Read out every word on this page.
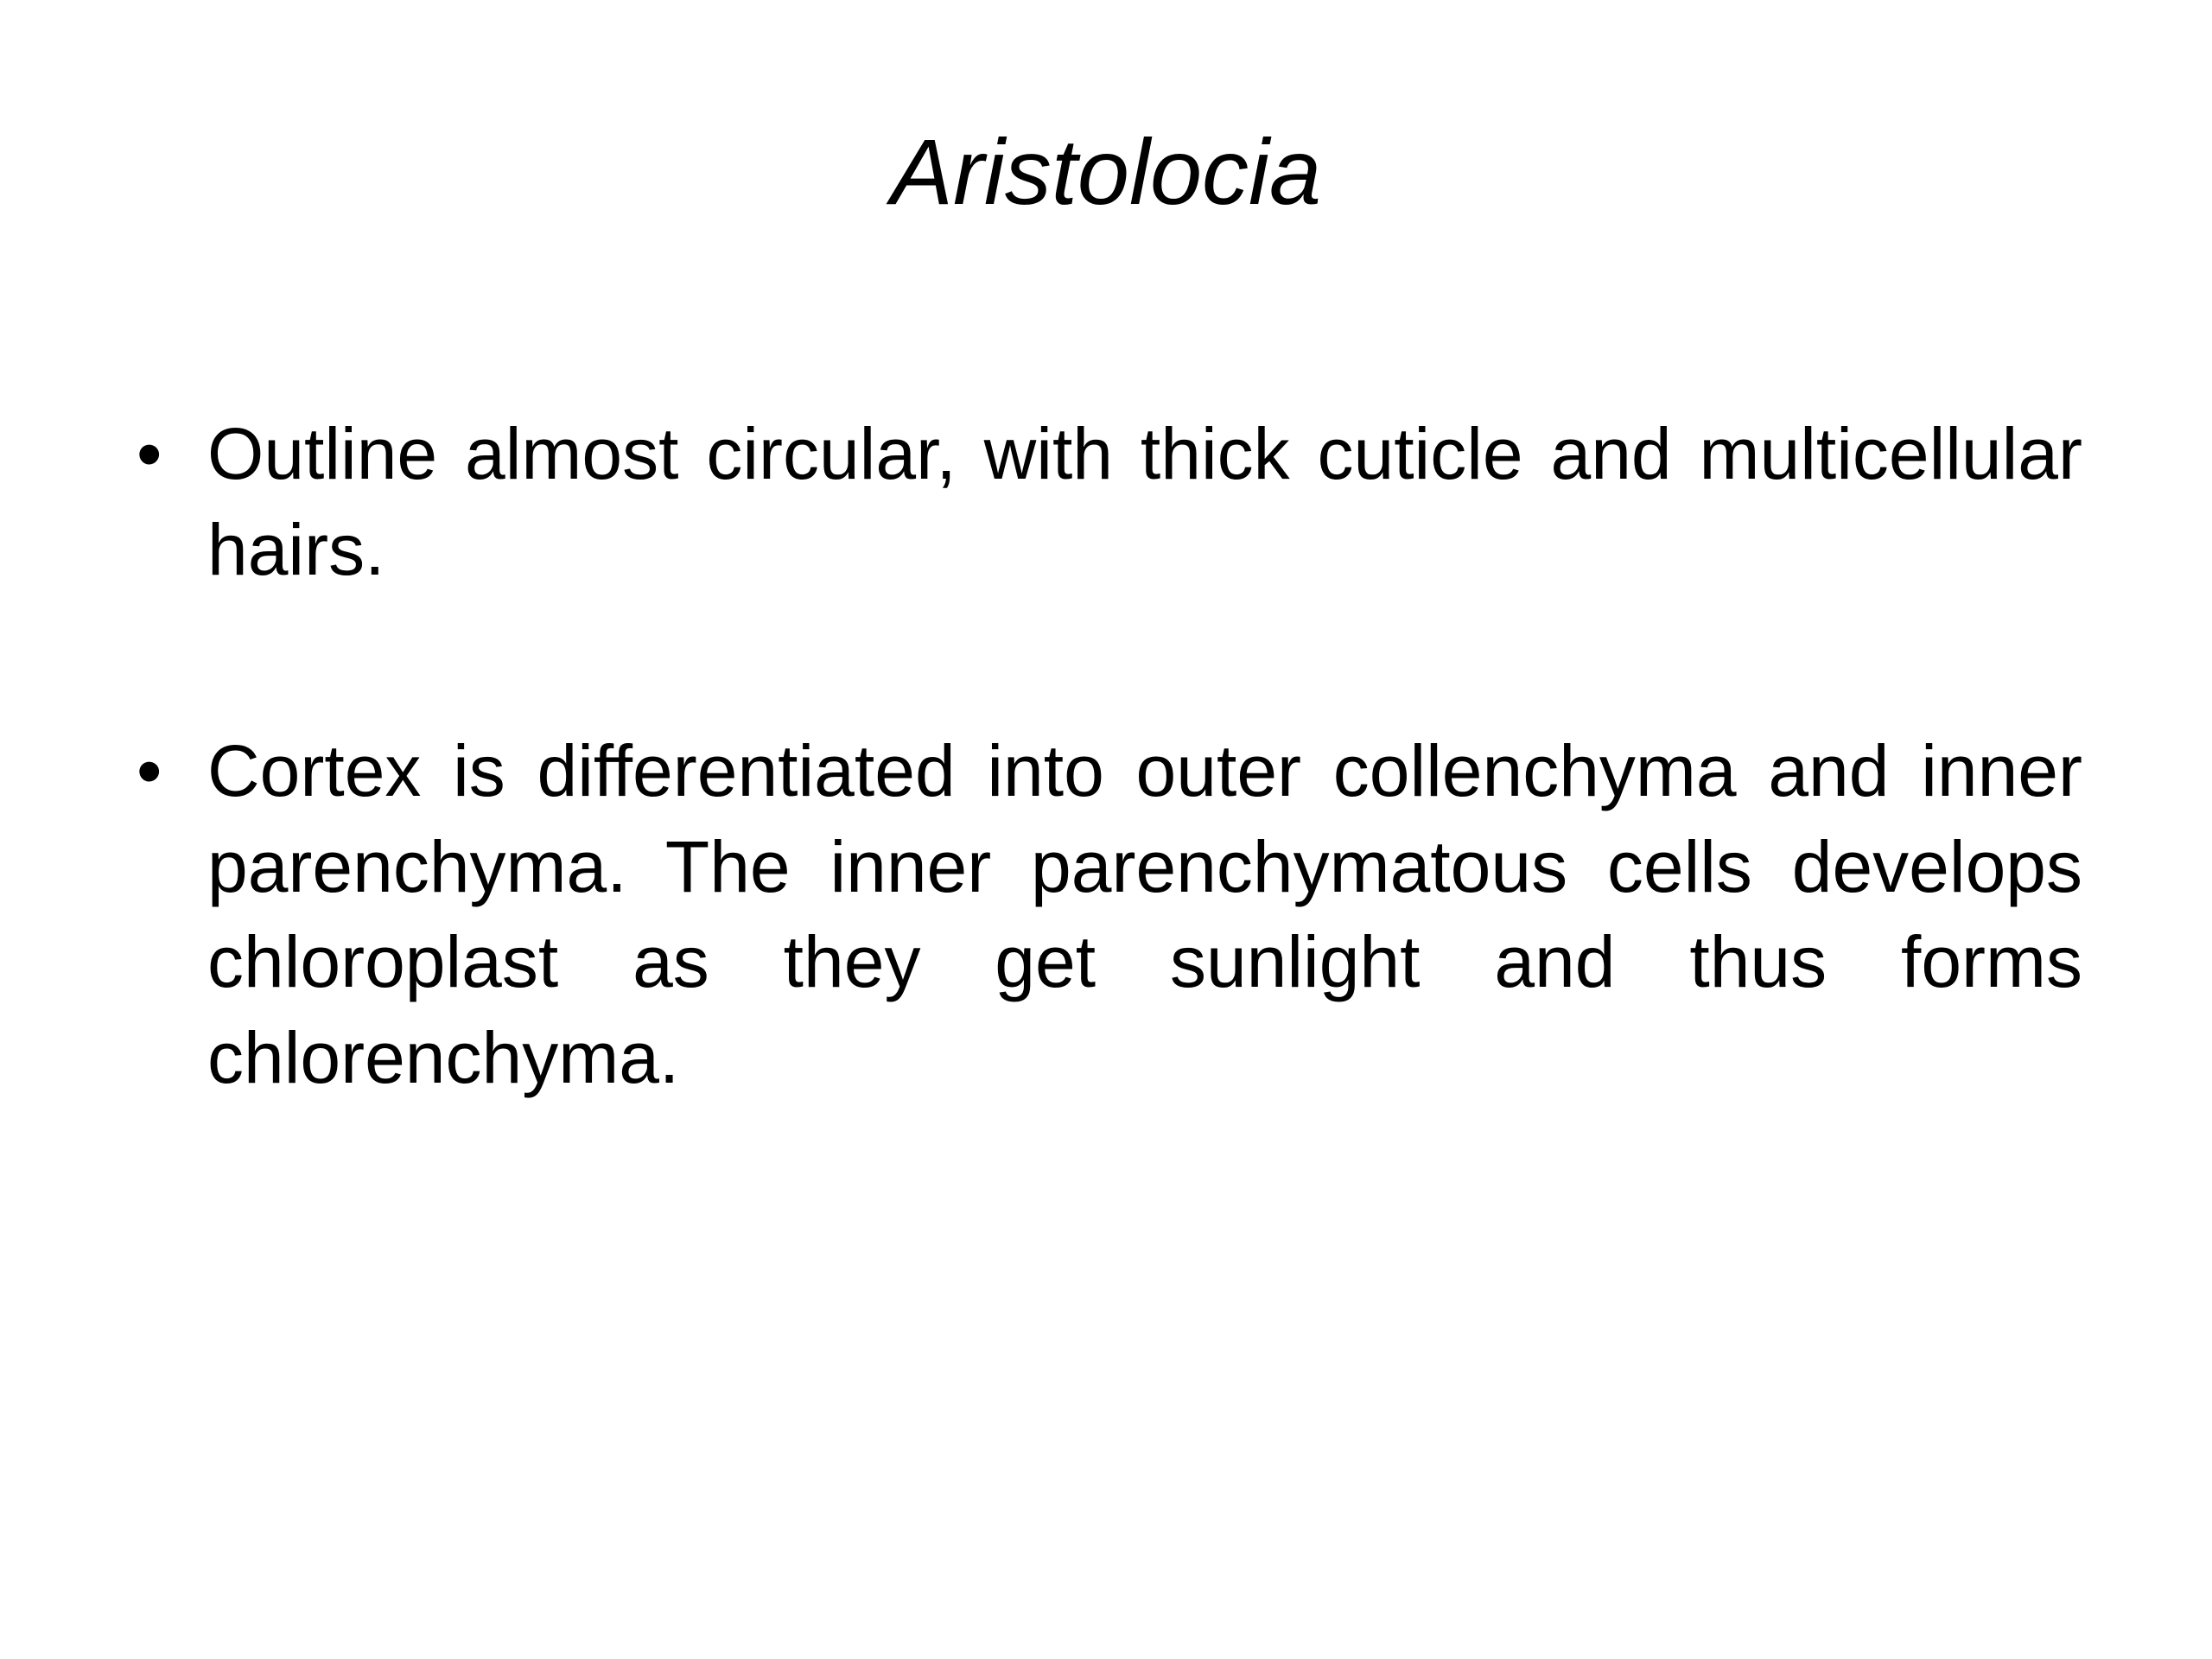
Aristolocia
• Outline almost circular, with thick cuticle and multicellular hairs.
• Cortex is differentiated into outer collenchyma and inner parenchyma. The inner parenchymatous cells develops chloroplast as they get sunlight and thus forms chlorenchyma.
